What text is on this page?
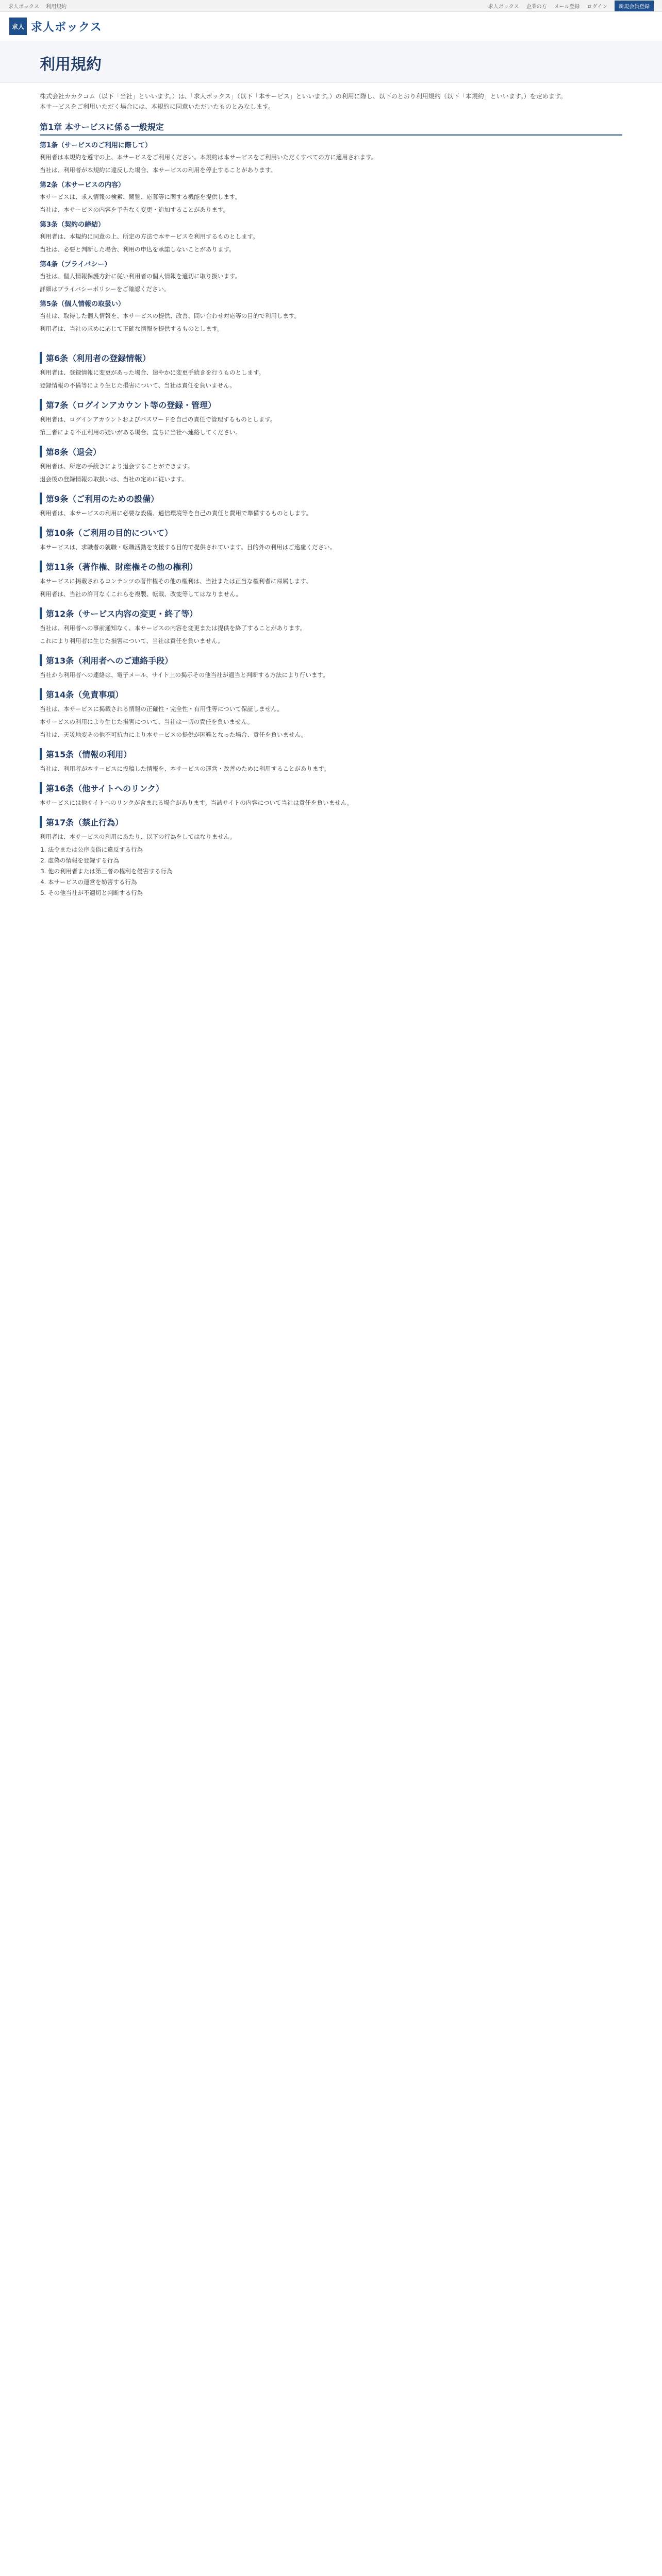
求人ボックス 利用規約	求人ボックス 企業の方 メール登録 ログイン	新規会員登録
求人 求人ボックス
利用規約
株式会社カカクコム（以下「当社」といいます。）は、「求人ボックス」（以下「本サービス」といいます。）の利用に際し、以下のとおり利用規約（以下「本規約」といいます。）を定めます。
本サービスをご利用いただく場合には、本規約に同意いただいたものとみなします。
第1章 本サービスに係る一般規定
第1条（サービスのご利用に際して）
利用者は本規約を遵守の上、本サービスをご利用ください。本規約は本サービスをご利用いただくすべての方に適用されます。
当社は、利用者が本規約に違反した場合、本サービスの利用を停止することがあります。
第2条（本サービスの内容）
本サービスは、求人情報の検索、閲覧、応募等に関する機能を提供します。
当社は、本サービスの内容を予告なく変更・追加することがあります。
第3条（契約の締結）
利用者は、本規約に同意の上、所定の方法で本サービスを利用するものとします。
当社は、必要と判断した場合、利用の申込を承諾しないことがあります。
第4条（プライバシー）
当社は、個人情報保護方針に従い利用者の個人情報を適切に取り扱います。
詳細はプライバシーポリシーをご確認ください。
第5条（個人情報の取扱い）
当社は、取得した個人情報を、本サービスの提供、改善、問い合わせ対応等の目的で利用します。
利用者は、当社の求めに応じて正確な情報を提供するものとします。
第6条（利用者の登録情報）
利用者は、登録情報に変更があった場合、速やかに変更手続きを行うものとします。
登録情報の不備等により生じた損害について、当社は責任を負いません。
第7条（ログインアカウント等の登録・管理）
利用者は、ログインアカウントおよびパスワードを自己の責任で管理するものとします。
第三者による不正利用の疑いがある場合、直ちに当社へ連絡してください。
第8条（退会）
利用者は、所定の手続きにより退会することができます。
退会後の登録情報の取扱いは、当社の定めに従います。
第9条（ご利用のための設備）
利用者は、本サービスの利用に必要な設備、通信環境等を自己の責任と費用で準備するものとします。
第10条（ご利用の目的について）
本サービスは、求職者の就職・転職活動を支援する目的で提供されています。目的外の利用はご遠慮ください。
第11条（著作権、財産権その他の権利）
本サービスに掲載されるコンテンツの著作権その他の権利は、当社または正当な権利者に帰属します。
利用者は、当社の許可なくこれらを複製、転載、改変等してはなりません。
第12条（サービス内容の変更・終了等）
当社は、利用者への事前通知なく、本サービスの内容を変更または提供を終了することがあります。
これにより利用者に生じた損害について、当社は責任を負いません。
第13条（利用者へのご連絡手段）
当社から利用者への連絡は、電子メール、サイト上の掲示その他当社が適当と判断する方法により行います。
第14条（免責事項）
当社は、本サービスに掲載される情報の正確性・完全性・有用性等について保証しません。
本サービスの利用により生じた損害について、当社は一切の責任を負いません。
当社は、天災地変その他不可抗力により本サービスの提供が困難となった場合、責任を負いません。
第15条（情報の利用）
当社は、利用者が本サービスに投稿した情報を、本サービスの運営・改善のために利用することがあります。
第16条（他サイトへのリンク）
本サービスには他サイトへのリンクが含まれる場合があります。当該サイトの内容について当社は責任を負いません。
第17条（禁止行為）
利用者は、本サービスの利用にあたり、以下の行為をしてはなりません。
1. 法令または公序良俗に違反する行為
2. 虚偽の情報を登録する行為
3. 他の利用者または第三者の権利を侵害する行為
4. 本サービスの運営を妨害する行為
5. その他当社が不適切と判断する行為
